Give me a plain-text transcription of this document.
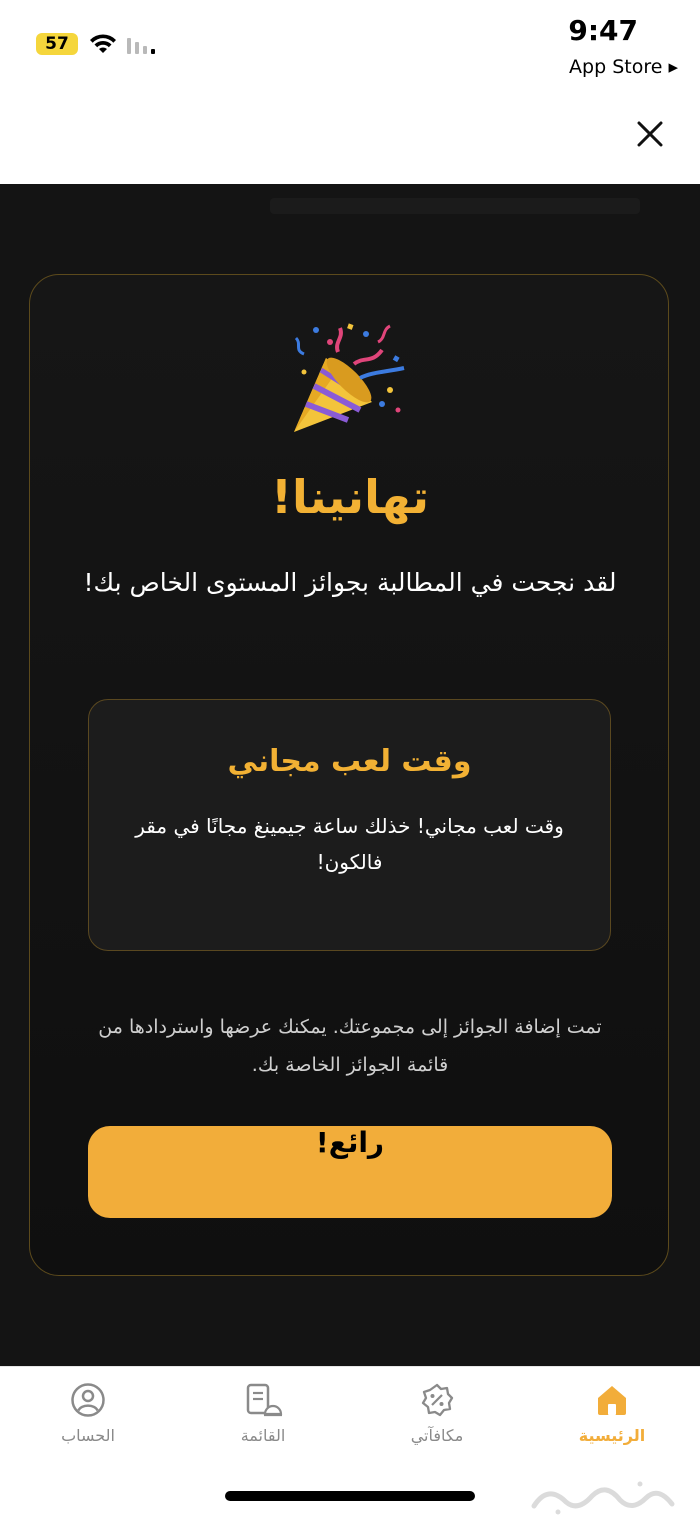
57	9:47
App Store ▸
تهانينا!
لقد نجحت في المطالبة بجوائز المستوى الخاص بك!
وقت لعب مجاني
وقت لعب مجاني! خذلك ساعة جيمينغ مجانًا في مقر فالكون!
تمت إضافة الجوائز إلى مجموعتك. يمكنك عرضها واستردادها من قائمة الجوائز الخاصة بك.
رائع!
الحساب	القائمة	مكافآتي	الرئيسية
